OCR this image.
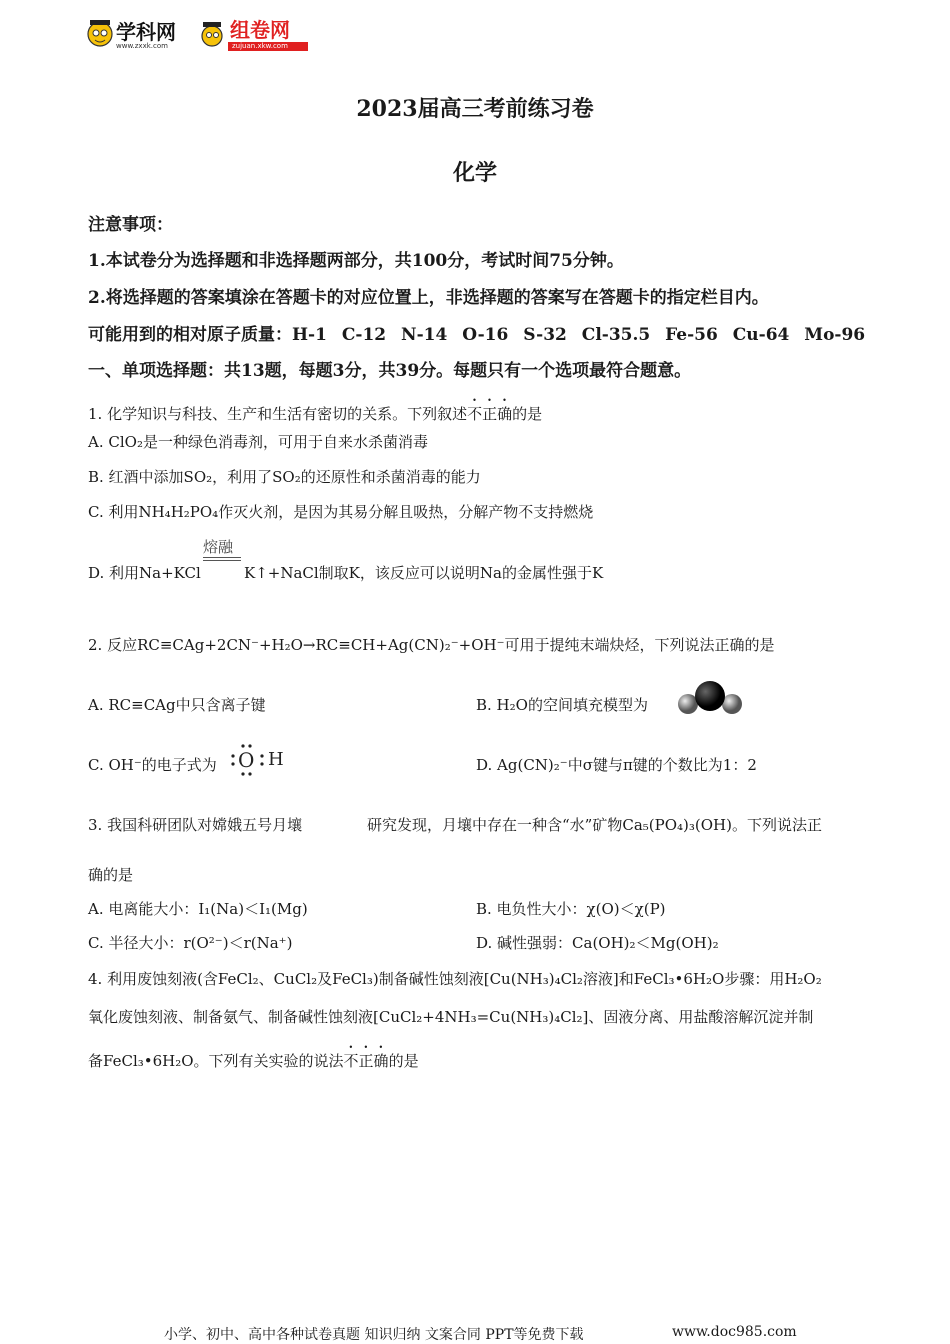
学科网
www.zxxk.com
组卷网
zujuan.xkw.com
2023届高三考前练习卷
化学
注意事项：
1.本试卷分为选择题和非选择题两部分，共100分，考试时间75分钟。
2.将选择题的答案填涂在答题卡的对应位置上，非选择题的答案写在答题卡的指定栏目内。
可能用到的相对原子质量：H-1 C-12 N-14 O-16 S-32 Cl-35.5 Fe-56 Cu-64 Mo-96
一、单项选择题：共13题，每题3分，共39分。每题只有一个选项最符合题意。
1. 化学知识与科技、生产和生活有密切的关系。下列叙述不正确的是
A. ClO₂是一种绿色消毒剂，可用于自来水杀菌消毒
B. 红酒中添加SO₂，利用了SO₂的还原性和杀菌消毒的能力
C. 利用NH₄H₂PO₄作灭火剂，是因为其易分解且吸热，分解产物不支持燃烧
D. 利用Na+KCl
熔融
K↑+NaCl制取K，该反应可以说明Na的金属性强于K
2. 反应RC≡CAg+2CN⁻+H₂O→RC≡CH+Ag(CN)₂⁻+OH⁻可用于提纯末端炔烃，下列说法正确的是
A. RC≡CAg中只含离子键	B. H₂O的空间填充模型为
C. OH⁻的电子式为 O H	D. Ag(CN)₂⁻中σ键与π键的个数比为1：2
3. 我国科研团队对嫦娥五号月壤	研究发现，月壤中存在一种含“水”矿物Ca₅(PO₄)₃(OH)。下列说法正
确的是
A. 电离能大小：I₁(Na)＜I₁(Mg)	B. 电负性大小：χ(O)＜χ(P)
C. 半径大小：r(O²⁻)＜r(Na⁺)	D. 碱性强弱：Ca(OH)₂＜Mg(OH)₂
4. 利用废蚀刻液(含FeCl₂、CuCl₂及FeCl₃)制备碱性蚀刻液[Cu(NH₃)₄Cl₂溶液]和FeCl₃•6H₂O步骤：用H₂O₂
氧化废蚀刻液、制备氨气、制备碱性蚀刻液[CuCl₂+4NH₃=Cu(NH₃)₄Cl₂]、固液分离、用盐酸溶解沉淀并制
备FeCl₃•6H₂O。下列有关实验的说法不正确的是
小学、初中、高中各种试卷真题 知识归纳 文案合同 PPT等免费下载	www.doc985.com
